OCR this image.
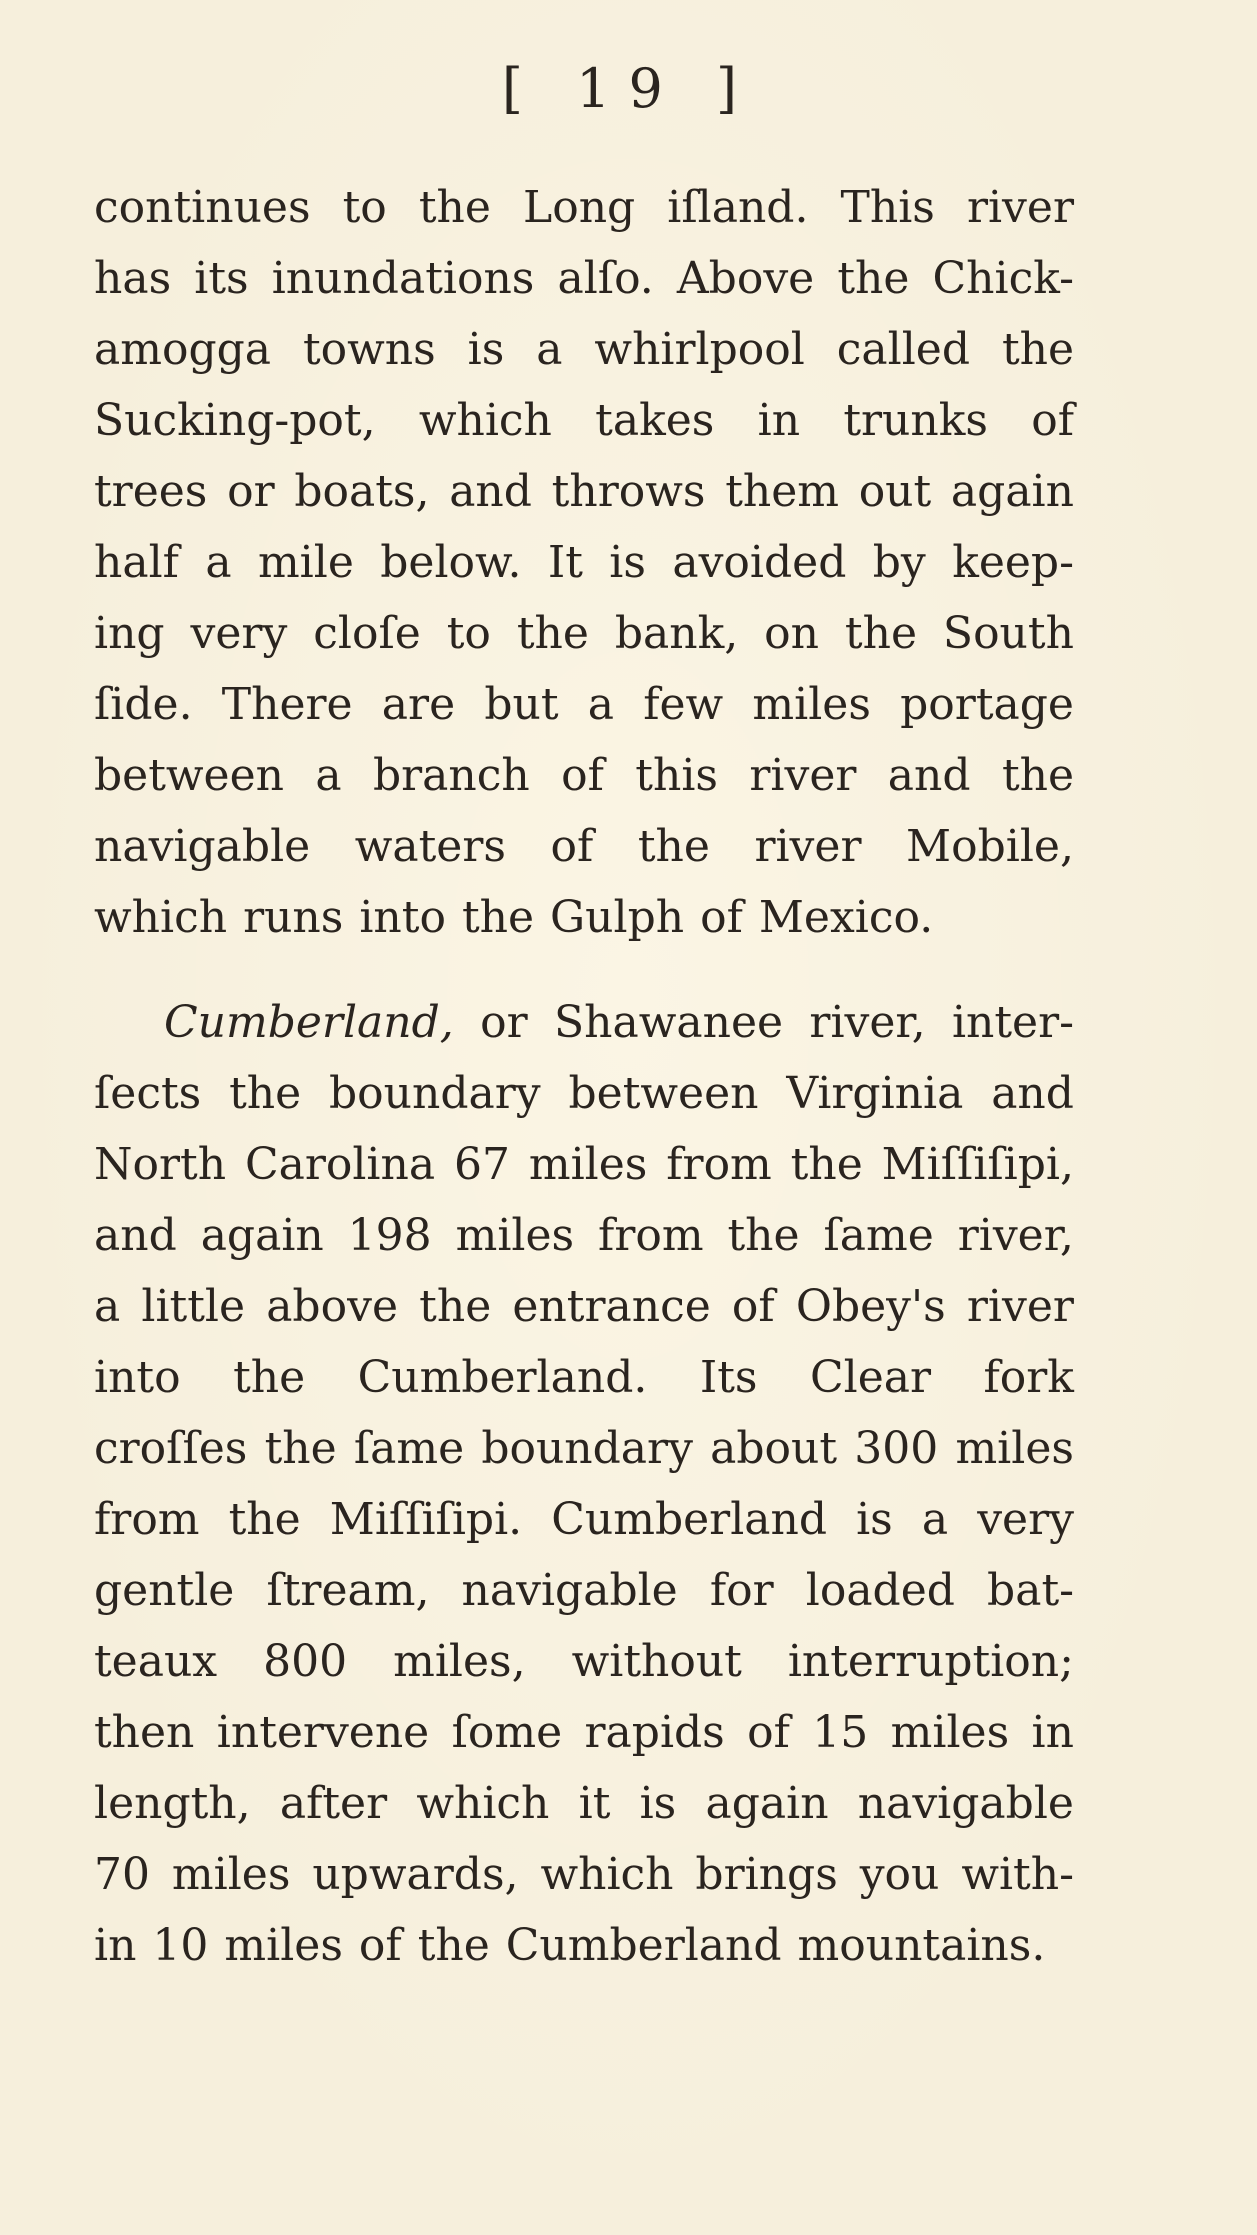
[ 19 ]
continues to the Long iſland. This river
has its inundations alſo. Above the Chick-
amogga towns is a whirlpool called the
Sucking-pot, which takes in trunks of
trees or boats, and throws them out again
half a mile below. It is avoided by keep-
ing very cloſe to the bank, on the South
ſide. There are but a few miles portage
between a branch of this river and the
navigable waters of the river Mobile,
which runs into the Gulph of Mexico.
Cumberland, or Shawanee river, inter-
ſects the boundary between Virginia and
North Carolina 67 miles from the Miſſiſipi,
and again 198 miles from the ſame river,
a little above the entrance of Obey's river
into the Cumberland. Its Clear fork
croſſes the ſame boundary about 300 miles
from the Miſſiſipi. Cumberland is a very
gentle ſtream, navigable for loaded bat-
teaux 800 miles, without interruption;
then intervene ſome rapids of 15 miles in
length, after which it is again navigable
70 miles upwards, which brings you with-
in 10 miles of the Cumberland mountains.
